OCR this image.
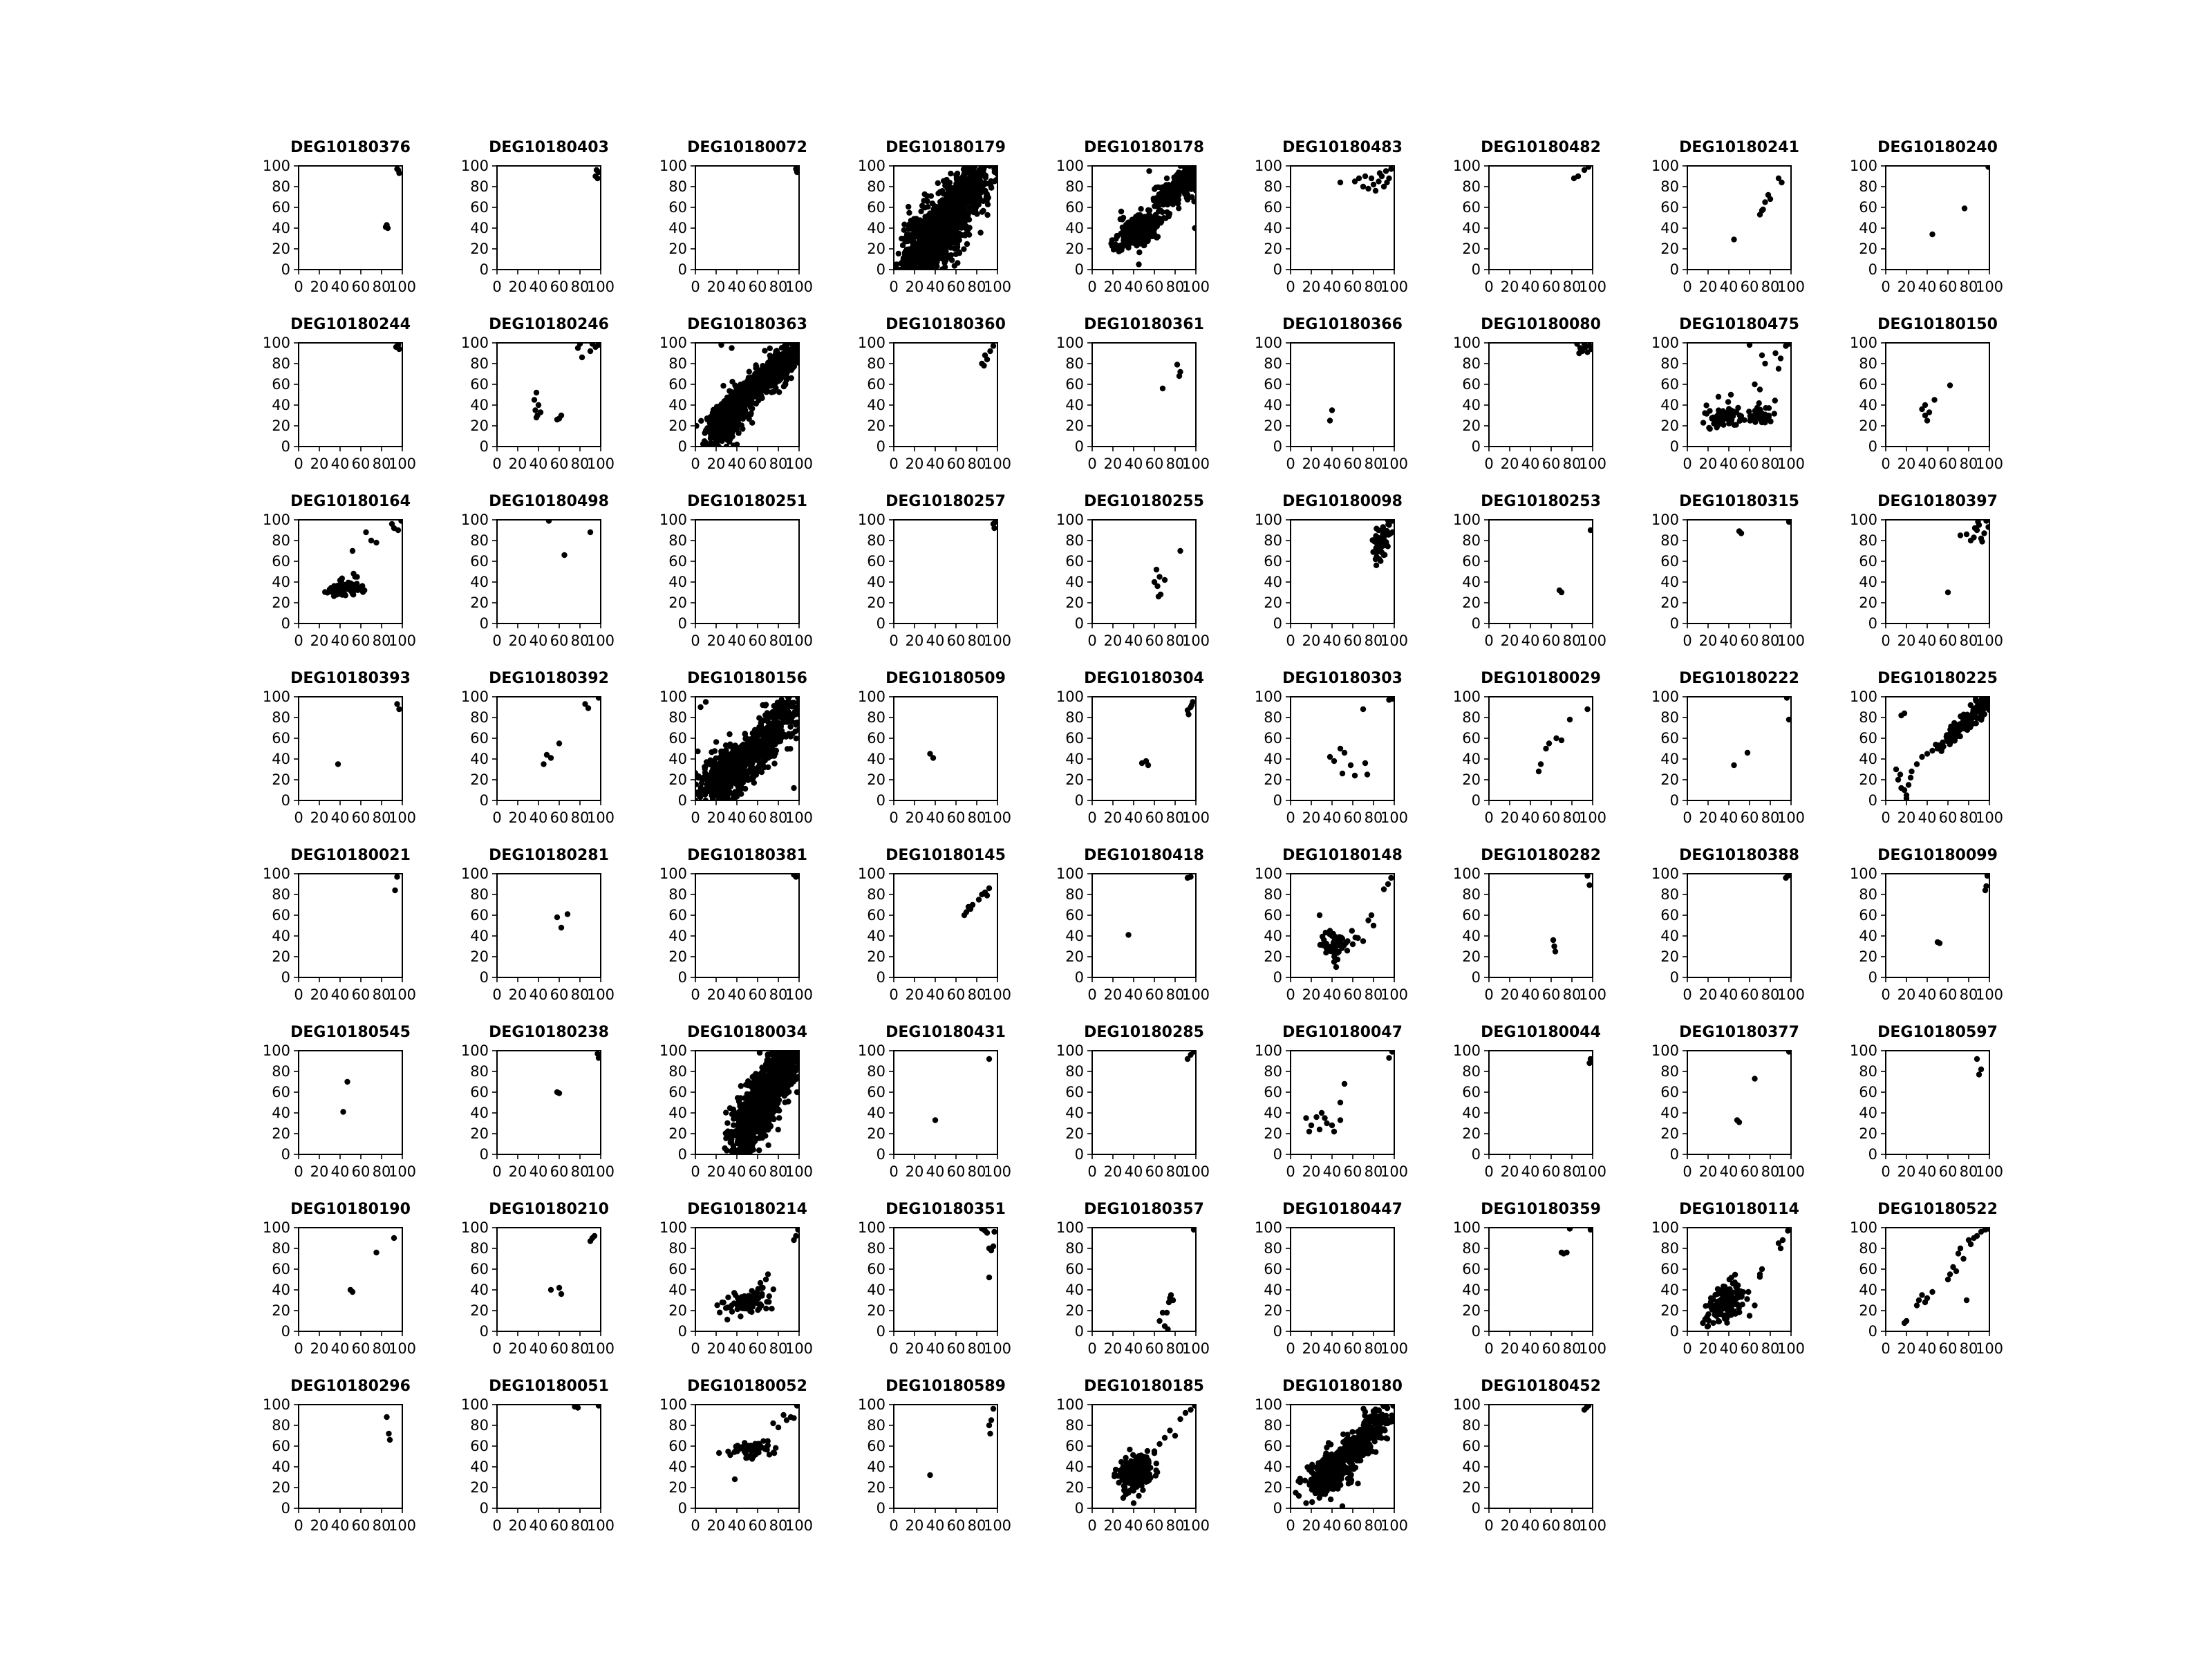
DEG10180376
0
20
40
60
80
100
0 20 40 60 80
100
DEG10180403
0
20
40
60
80
100
0 20 40 60 80
100
DEG10180072
0
20
40
60
80
100
0 20 40 60 80
100
DEG10180179
0
20
40
60
80
100
0 20 40 60 80
100
DEG10180178
0
20
40
60
80
100
0 20 40 60 80
100
DEG10180483
0
20
40
60
80
100
0 20 40 60 80
100
DEG10180482
0
20
40
60
80
100
0 20 40 60 80
100
DEG10180241
0
20
40
60
80
100
0 20 40 60 80
100
DEG10180240
0
20
40
60
80
100
0 20 40 60 80
100
DEG10180244
0
20
40
60
80
100
0 20 40 60 80
100
DEG10180246
0
20
40
60
80
100
0 20 40 60 80
100
DEG10180363
0
20
40
60
80
100
0 20 40 60 80
100
DEG10180360
0
20
40
60
80
100
0 20 40 60 80
100
DEG10180361
0
20
40
60
80
100
0 20 40 60 80
100
DEG10180366
0
20
40
60
80
100
0 20 40 60 80
100
DEG10180080
0
20
40
60
80
100
0 20 40 60 80
100
DEG10180475
0
20
40
60
80
100
0 20 40 60 80
100
DEG10180150
0
20
40
60
80
100
0 20 40 60 80
100
DEG10180164
0
20
40
60
80
100
0 20 40 60 80
100
DEG10180498
0
20
40
60
80
100
0 20 40 60 80
100
DEG10180251
0
20
40
60
80
100
0 20 40 60 80
100
DEG10180257
0
20
40
60
80
100
0 20 40 60 80
100
DEG10180255
0
20
40
60
80
100
0 20 40 60 80
100
DEG10180098
0
20
40
60
80
100
0 20 40 60 80
100
DEG10180253
0
20
40
60
80
100
0 20 40 60 80
100
DEG10180315
0
20
40
60
80
100
0 20 40 60 80
100
DEG10180397
0
20
40
60
80
100
0 20 40 60 80
100
DEG10180393
0
20
40
60
80
100
0 20 40 60 80
100
DEG10180392
0
20
40
60
80
100
0 20 40 60 80
100
DEG10180156
0
20
40
60
80
100
0 20 40 60 80
100
DEG10180509
0
20
40
60
80
100
0 20 40 60 80
100
DEG10180304
0
20
40
60
80
100
0 20 40 60 80
100
DEG10180303
0
20
40
60
80
100
0 20 40 60 80
100
DEG10180029
0
20
40
60
80
100
0 20 40 60 80
100
DEG10180222
0
20
40
60
80
100
0 20 40 60 80
100
DEG10180225
0
20
40
60
80
100
0 20 40 60 80
100
DEG10180021
0
20
40
60
80
100
0 20 40 60 80
100
DEG10180281
0
20
40
60
80
100
0 20 40 60 80
100
DEG10180381
0
20
40
60
80
100
0 20 40 60 80
100
DEG10180145
0
20
40
60
80
100
0 20 40 60 80
100
DEG10180418
0
20
40
60
80
100
0 20 40 60 80
100
DEG10180148
0
20
40
60
80
100
0 20 40 60 80
100
DEG10180282
0
20
40
60
80
100
0 20 40 60 80
100
DEG10180388
0
20
40
60
80
100
0 20 40 60 80
100
DEG10180099
0
20
40
60
80
100
0 20 40 60 80
100
DEG10180545
0
20
40
60
80
100
0 20 40 60 80
100
DEG10180238
0
20
40
60
80
100
0 20 40 60 80
100
DEG10180034
0
20
40
60
80
100
0 20 40 60 80
100
DEG10180431
0
20
40
60
80
100
0 20 40 60 80
100
DEG10180285
0
20
40
60
80
100
0 20 40 60 80
100
DEG10180047
0
20
40
60
80
100
0 20 40 60 80
100
DEG10180044
0
20
40
60
80
100
0 20 40 60 80
100
DEG10180377
0
20
40
60
80
100
0 20 40 60 80
100
DEG10180597
0
20
40
60
80
100
0 20 40 60 80
100
DEG10180190
0
20
40
60
80
100
0 20 40 60 80
100
DEG10180210
0
20
40
60
80
100
0 20 40 60 80
100
DEG10180214
0
20
40
60
80
100
0 20 40 60 80
100
DEG10180351
0
20
40
60
80
100
0 20 40 60 80
100
DEG10180357
0
20
40
60
80
100
0 20 40 60 80
100
DEG10180447
0
20
40
60
80
100
0 20 40 60 80
100
DEG10180359
0
20
40
60
80
100
0 20 40 60 80
100
DEG10180114
0
20
40
60
80
100
0 20 40 60 80
100
DEG10180522
0
20
40
60
80
100
0 20 40 60 80
100
DEG10180296
0
20
40
60
80
100
0 20 40 60 80
100
DEG10180051
0
20
40
60
80
100
0 20 40 60 80
100
DEG10180052
0
20
40
60
80
100
0 20 40 60 80
100
DEG10180589
0
20
40
60
80
100
0 20 40 60 80
100
DEG10180185
0
20
40
60
80
100
0 20 40 60 80
100
DEG10180180
0
20
40
60
80
100
0 20 40 60 80
100
DEG10180452
0
20
40
60
80
100
0 20 40 60 80
100
